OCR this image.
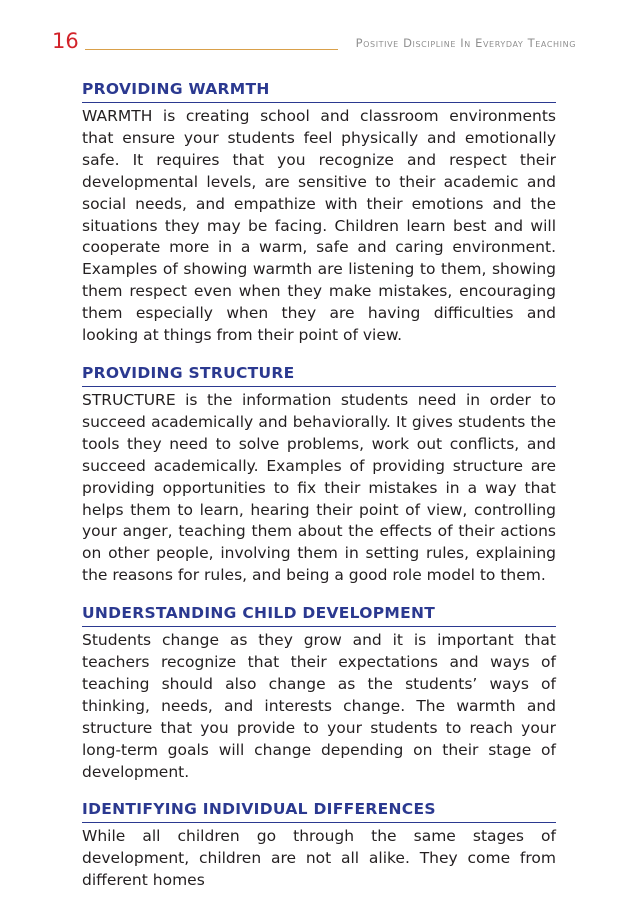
16	Positive Discipline In Everyday Teaching
PROVIDING WARMTH

WARMTH is creating school and classroom environments that ensure your students feel physically and emotionally safe. It requires that you recognize and respect their developmental levels, are sensitive to their academic and social needs, and empathize with their emotions and the situations they may be facing. Children learn best and will cooperate more in a warm, safe and caring environment. Examples of showing warmth are listening to them, showing them respect even when they make mistakes, encouraging them especially when they are having difficulties and looking at things from their point of view.

PROVIDING STRUCTURE

STRUCTURE is the information students need in order to succeed academically and behaviorally. It gives students the tools they need to solve problems, work out conflicts, and succeed academically. Examples of providing structure are providing opportunities to fix their mistakes in a way that helps them to learn, hearing their point of view, controlling your anger, teaching them about the effects of their actions on other people, involving them in setting rules, explaining the reasons for rules, and being a good role model to them.

UNDERSTANDING CHILD DEVELOPMENT

Students change as they grow and it is important that teachers recognize that their expectations and ways of teaching should also change as the students’ ways of thinking, needs, and interests change. The warmth and structure that you provide to your students to reach your long-term goals will change depending on their stage of development.

IDENTIFYING INDIVIDUAL DIFFERENCES

While all children go through the same stages of development, children are not all alike. They come from different homes
